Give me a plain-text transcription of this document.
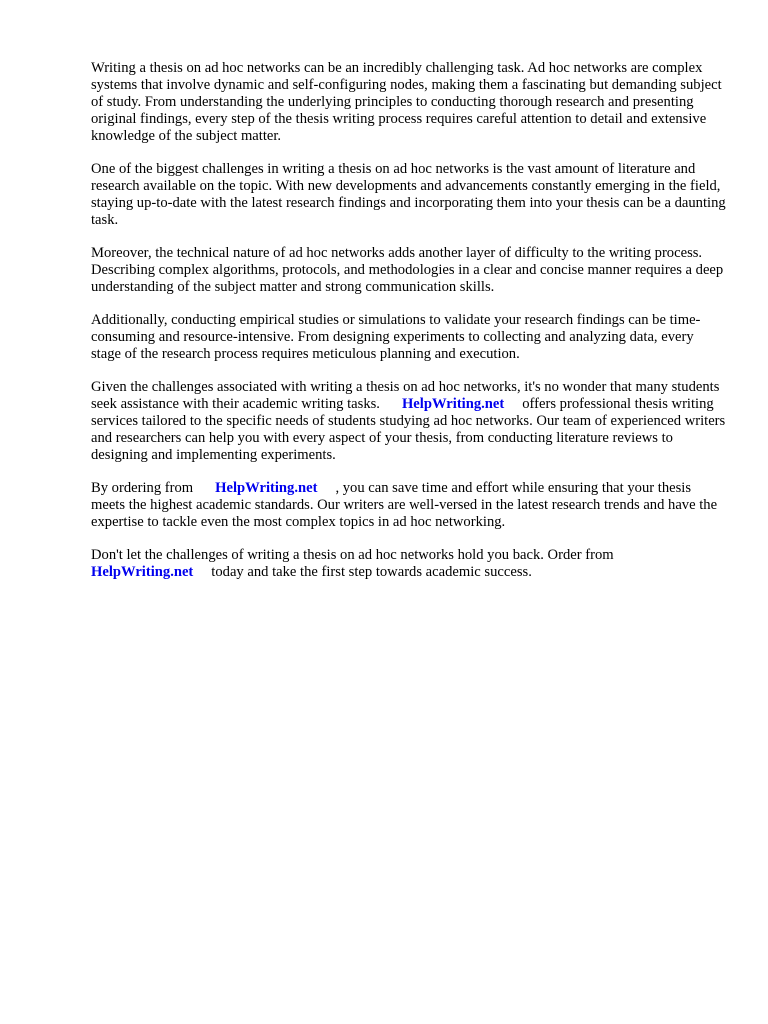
Writing a thesis on ad hoc networks can be an incredibly challenging task. Ad hoc networks are complex systems that involve dynamic and self-configuring nodes, making them a fascinating but demanding subject of study. From understanding the underlying principles to conducting thorough research and presenting original findings, every step of the thesis writing process requires careful attention to detail and extensive knowledge of the subject matter.

One of the biggest challenges in writing a thesis on ad hoc networks is the vast amount of literature and research available on the topic. With new developments and advancements constantly emerging in the field, staying up-to-date with the latest research findings and incorporating them into your thesis can be a daunting task.

Moreover, the technical nature of ad hoc networks adds another layer of difficulty to the writing process. Describing complex algorithms, protocols, and methodologies in a clear and concise manner requires a deep understanding of the subject matter and strong communication skills.

Additionally, conducting empirical studies or simulations to validate your research findings can be time-consuming and resource-intensive. From designing experiments to collecting and analyzing data, every stage of the research process requires meticulous planning and execution.

Given the challenges associated with writing a thesis on ad hoc networks, it's no wonder that many students seek assistance with their academic writing tasks. HelpWriting.net offers professional thesis writing services tailored to the specific needs of students studying ad hoc networks. Our team of experienced writers and researchers can help you with every aspect of your thesis, from conducting literature reviews to designing and implementing experiments.

By ordering from HelpWriting.net , you can save time and effort while ensuring that your thesis meets the highest academic standards. Our writers are well-versed in the latest research trends and have the expertise to tackle even the most complex topics in ad hoc networking.

Don't let the challenges of writing a thesis on ad hoc networks hold you back. Order from HelpWriting.net today and take the first step towards academic success.
